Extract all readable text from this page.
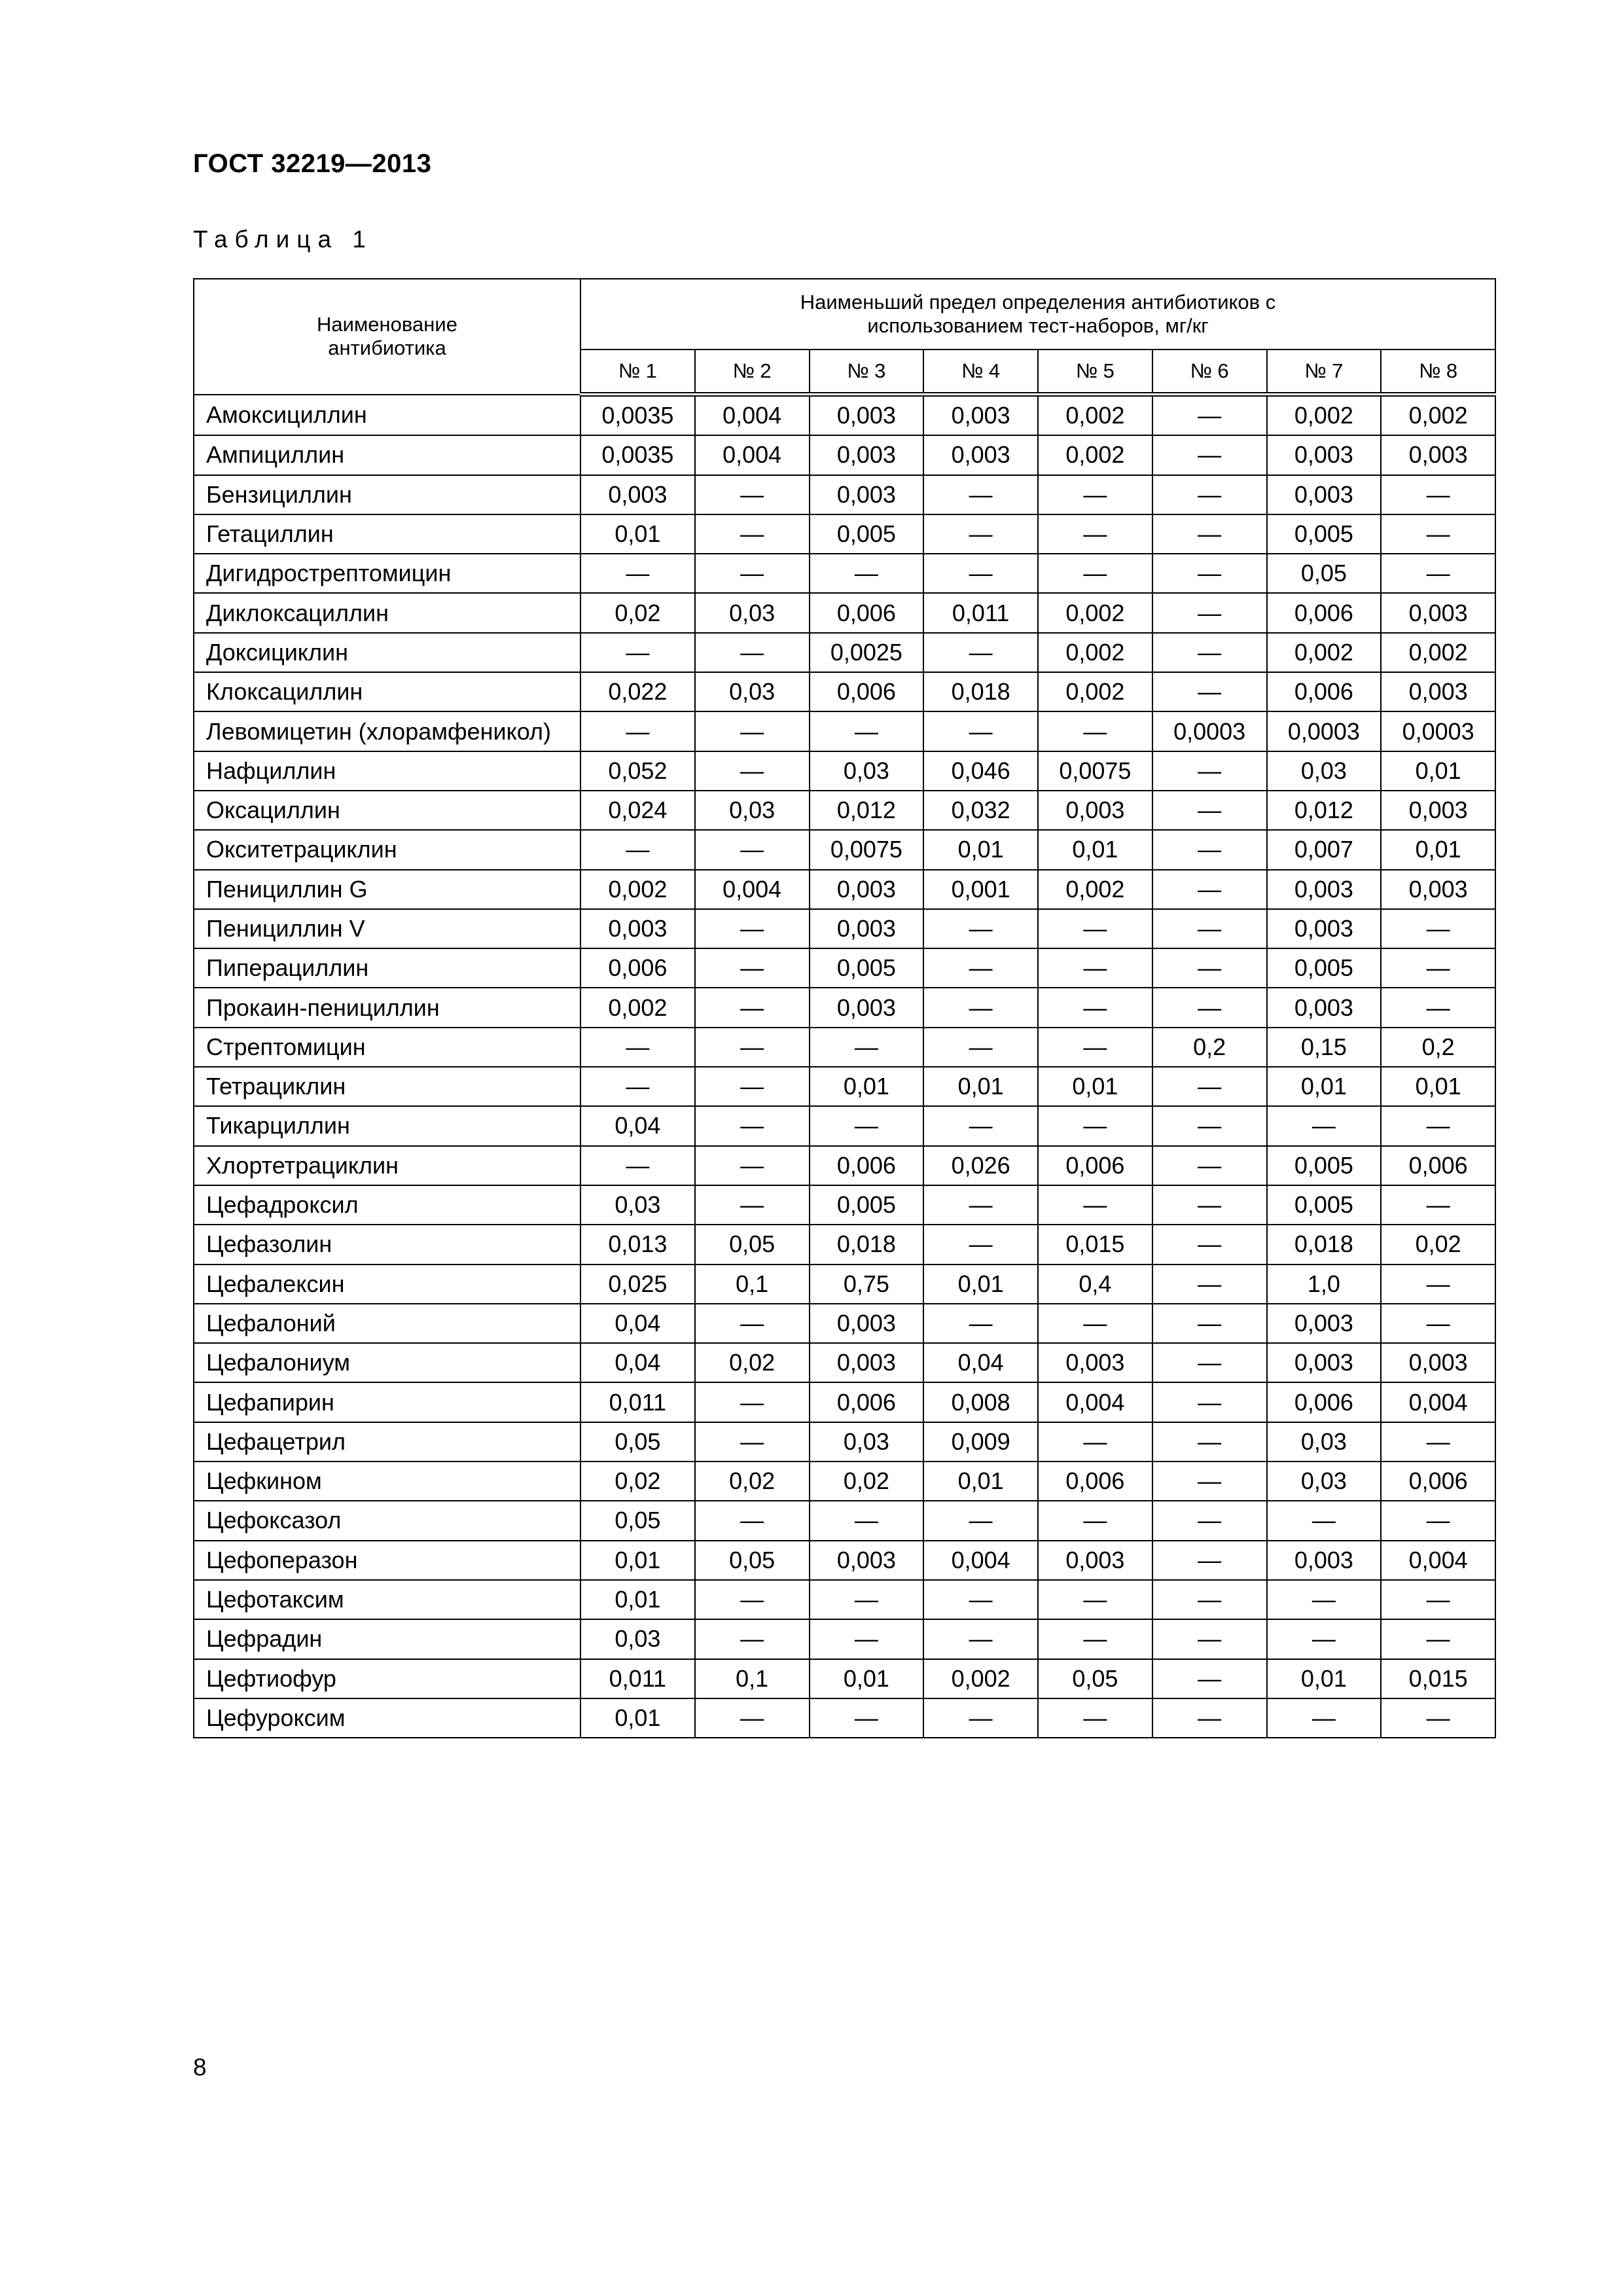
ГОСТ 32219—2013
Таблица 1
Наименование антибиотика	Наименьший предел определения антибиотиков с использованием тест-наборов, мг/кг							

	№ 1	№ 2	№ 3	№ 4	№ 5	№ 6	№ 7	№ 8
Амоксициллин	0,0035	0,004	0,003	0,003	0,002	—	0,002	0,002
Ампициллин	0,0035	0,004	0,003	0,003	0,002	—	0,003	0,003
Бензициллин	0,003	—	0,003	—	—	—	0,003	—
Гетациллин	0,01	—	0,005	—	—	—	0,005	—
Дигидрострептомицин	—	—	—	—	—	—	0,05	—
Диклоксациллин	0,02	0,03	0,006	0,011	0,002	—	0,006	0,003
Доксициклин	—	—	0,0025	—	0,002	—	0,002	0,002
Клоксациллин	0,022	0,03	0,006	0,018	0,002	—	0,006	0,003
Левомицетин (хлорамфеникол)	—	—	—	—	—	0,0003	0,0003	0,0003
Нафциллин	0,052	—	0,03	0,046	0,0075	—	0,03	0,01
Оксациллин	0,024	0,03	0,012	0,032	0,003	—	0,012	0,003
Окситетрациклин	—	—	0,0075	0,01	0,01	—	0,007	0,01
Пенициллин G	0,002	0,004	0,003	0,001	0,002	—	0,003	0,003
Пенициллин V	0,003	—	0,003	—	—	—	0,003	—
Пиперациллин	0,006	—	0,005	—	—	—	0,005	—
Прокаин-пенициллин	0,002	—	0,003	—	—	—	0,003	—
Стрептомицин	—	—	—	—	—	0,2	0,15	0,2
Тетрациклин	—	—	0,01	0,01	0,01	—	0,01	0,01
Тикарциллин	0,04	—	—	—	—	—	—	—
Хлортетрациклин	—	—	0,006	0,026	0,006	—	0,005	0,006
Цефадроксил	0,03	—	0,005	—	—	—	0,005	—
Цефазолин	0,013	0,05	0,018	—	0,015	—	0,018	0,02
Цефалексин	0,025	0,1	0,75	0,01	0,4	—	1,0	—
Цефалоний	0,04	—	0,003	—	—	—	0,003	—
Цефалониум	0,04	0,02	0,003	0,04	0,003	—	0,003	0,003
Цефапирин	0,011	—	0,006	0,008	0,004	—	0,006	0,004
Цефацетрил	0,05	—	0,03	0,009	—	—	0,03	—
Цефкином	0,02	0,02	0,02	0,01	0,006	—	0,03	0,006
Цефоксазол	0,05	—	—	—	—	—	—	—
Цефоперазон	0,01	0,05	0,003	0,004	0,003	—	0,003	0,004
Цефотаксим	0,01	—	—	—	—	—	—	—
Цефрадин	0,03	—	—	—	—	—	—	—
Цефтиофур	0,011	0,1	0,01	0,002	0,05	—	0,01	0,015
Цефуроксим	0,01	—	—	—	—	—	—	—
8
